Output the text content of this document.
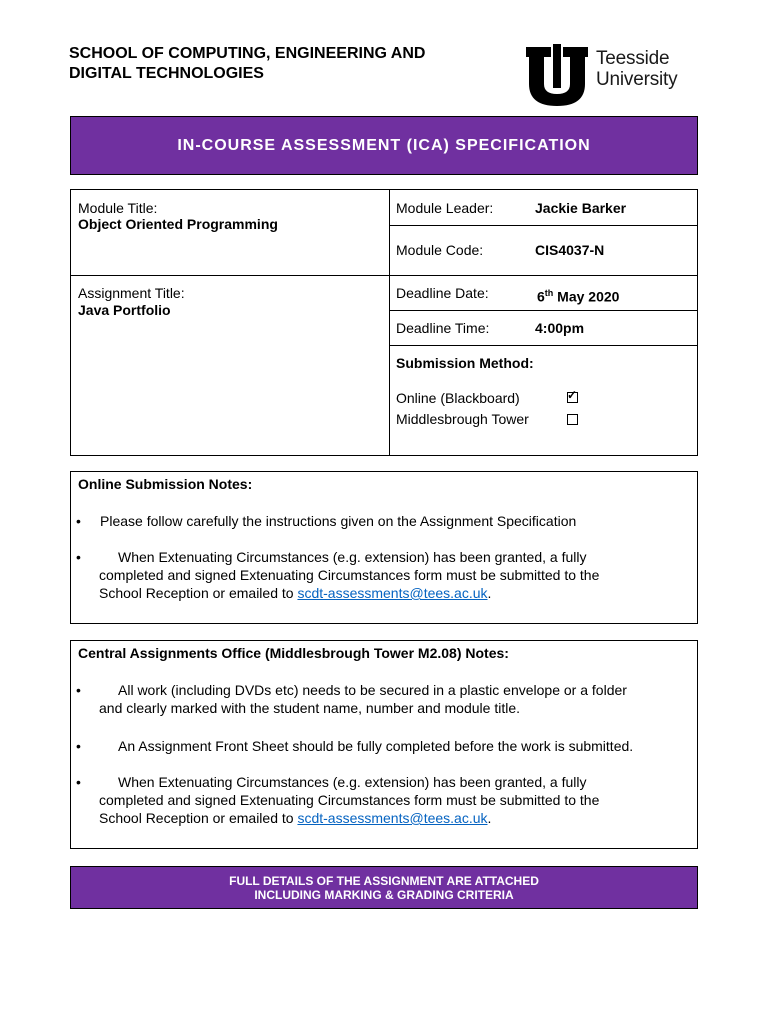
SCHOOL OF COMPUTING, ENGINEERING AND
DIGITAL TECHNOLOGIES
Teesside
University
IN-COURSE ASSESSMENT (ICA) SPECIFICATION
Module Title:
Object Oriented Programming
Module Leader:	Jackie Barker
Module Code:	CIS4037-N
Assignment Title:
Java Portfolio
Deadline Date:	6th May 2020
Deadline Time:	4:00pm
Submission Method:
Online (Blackboard)	✓
Middlesbrough Tower
Online Submission Notes:
• Please follow carefully the instructions given on the Assignment Specification
•	When Extenuating Circumstances (e.g. extension) has been granted, a fully
completed and signed Extenuating Circumstances form must be submitted to the
School Reception or emailed to scdt-assessments@tees.ac.uk.
Central Assignments Office (Middlesbrough Tower M2.08) Notes:
•	All work (including DVDs etc) needs to be secured in a plastic envelope or a folder
and clearly marked with the student name, number and module title.
•	An Assignment Front Sheet should be fully completed before the work is submitted.
•	When Extenuating Circumstances (e.g. extension) has been granted, a fully
completed and signed Extenuating Circumstances form must be submitted to the
School Reception or emailed to scdt-assessments@tees.ac.uk.
FULL DETAILS OF THE ASSIGNMENT ARE ATTACHED
INCLUDING MARKING & GRADING CRITERIA
